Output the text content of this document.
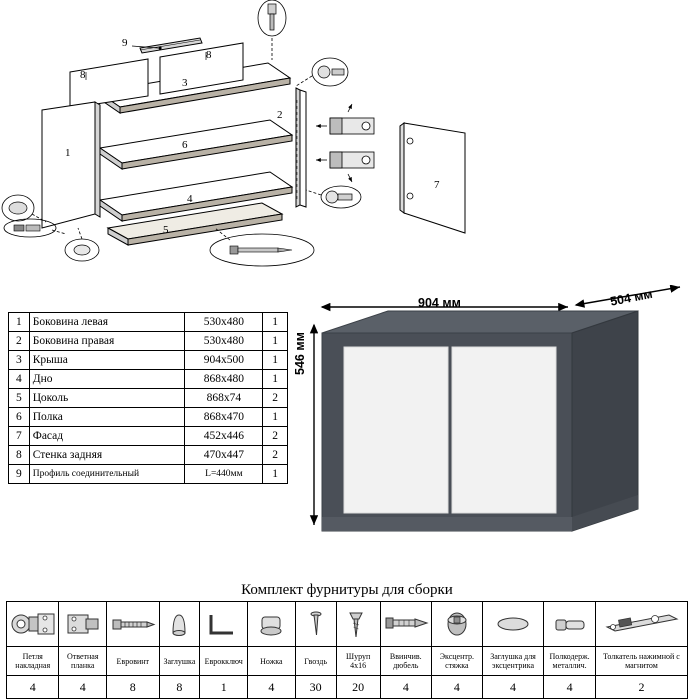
9
8
8
3
2
1
6
4
5
7
1	Боковина левая	530х480	1
2	Боковина правая	530х480	1
3	Крыша	904х500	1
4	Дно	868х480	1
5	Цоколь	868х74	2
6	Полка	868х470	1
7	Фасад	452х446	2
8	Стенка задняя	470х447	2
9	Профиль соединительный	L=440мм	1
904 мм	504 мм
546 мм
Комплект фурнитуры для сборки

Петля накладная	Ответная планка	Евровинт	Заглушка	Еврокключ	Ножка	Гвоздь	Шуруп 4х16	Ввинчив. дюбель	Эксцентр. стяжка	Заглушка для эксцентрика	Полкодерж. металлич.	Толкатель нажимной с магнитом
4	4	8	8	1	4	30	20	4	4	4	4	2
